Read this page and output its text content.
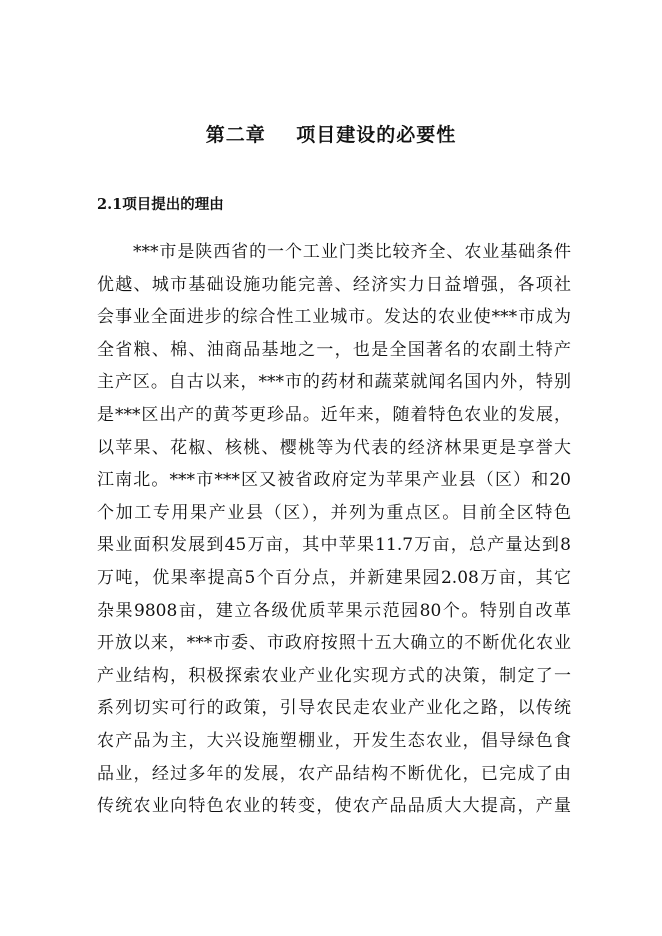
第二章    项目建设的必要性
2.1项目提出的理由
***市是陕西省的一个工业门类比较齐全、农业基础条件
优越、城市基础设施功能完善、经济实力日益增强，各项社
会事业全面进步的综合性工业城市。发达的农业使***市成为
全省粮、棉、油商品基地之一，也是全国著名的农副土特产
主产区。自古以来，***市的药材和蔬菜就闻名国内外，特别
是***区出产的黄芩更珍品。近年来，随着特色农业的发展，
以苹果、花椒、核桃、樱桃等为代表的经济林果更是享誉大
江南北。***市***区又被省政府定为苹果产业县（区）和20
个加工专用果产业县（区），并列为重点区。目前全区特色
果业面积发展到45万亩，其中苹果11.7万亩，总产量达到8
万吨，优果率提高5个百分点，并新建果园2.08万亩，其它
杂果9808亩，建立各级优质苹果示范园80个。特别自改革
开放以来，***市委、市政府按照十五大确立的不断优化农业
产业结构，积极探索农业产业化实现方式的决策，制定了一
系列切实可行的政策，引导农民走农业产业化之路，以传统
农产品为主，大兴设施塑棚业，开发生态农业，倡导绿色食
品业，经过多年的发展，农产品结构不断优化，已完成了由
传统农业向特色农业的转变，使农产品品质大大提高，产量
